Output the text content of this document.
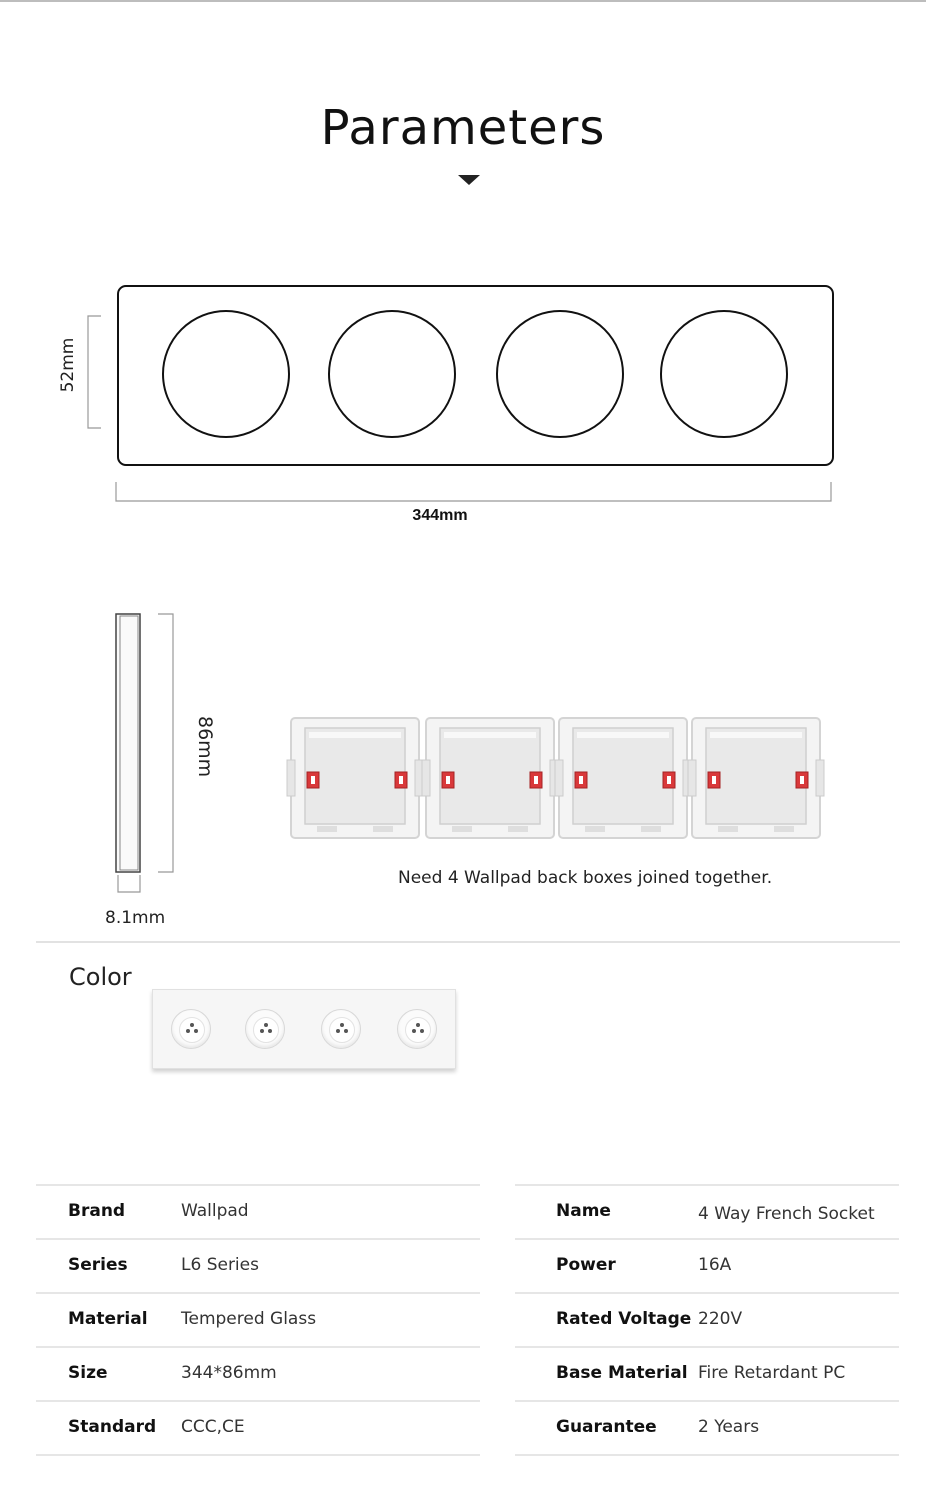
Parameters
52mm
344mm
86mm
8.1mm
Need 4 Wallpad back boxes joined together.
Color
Brand	Wallpad
Series	L6 Series
Material Tempered Glass
Size	344*86mm
Standard CCC,CE
Name	4 Way French Socket
Power	16A
Rated Voltage 220V
Base Material Fire Retardant PC
Guarantee 2 Years
